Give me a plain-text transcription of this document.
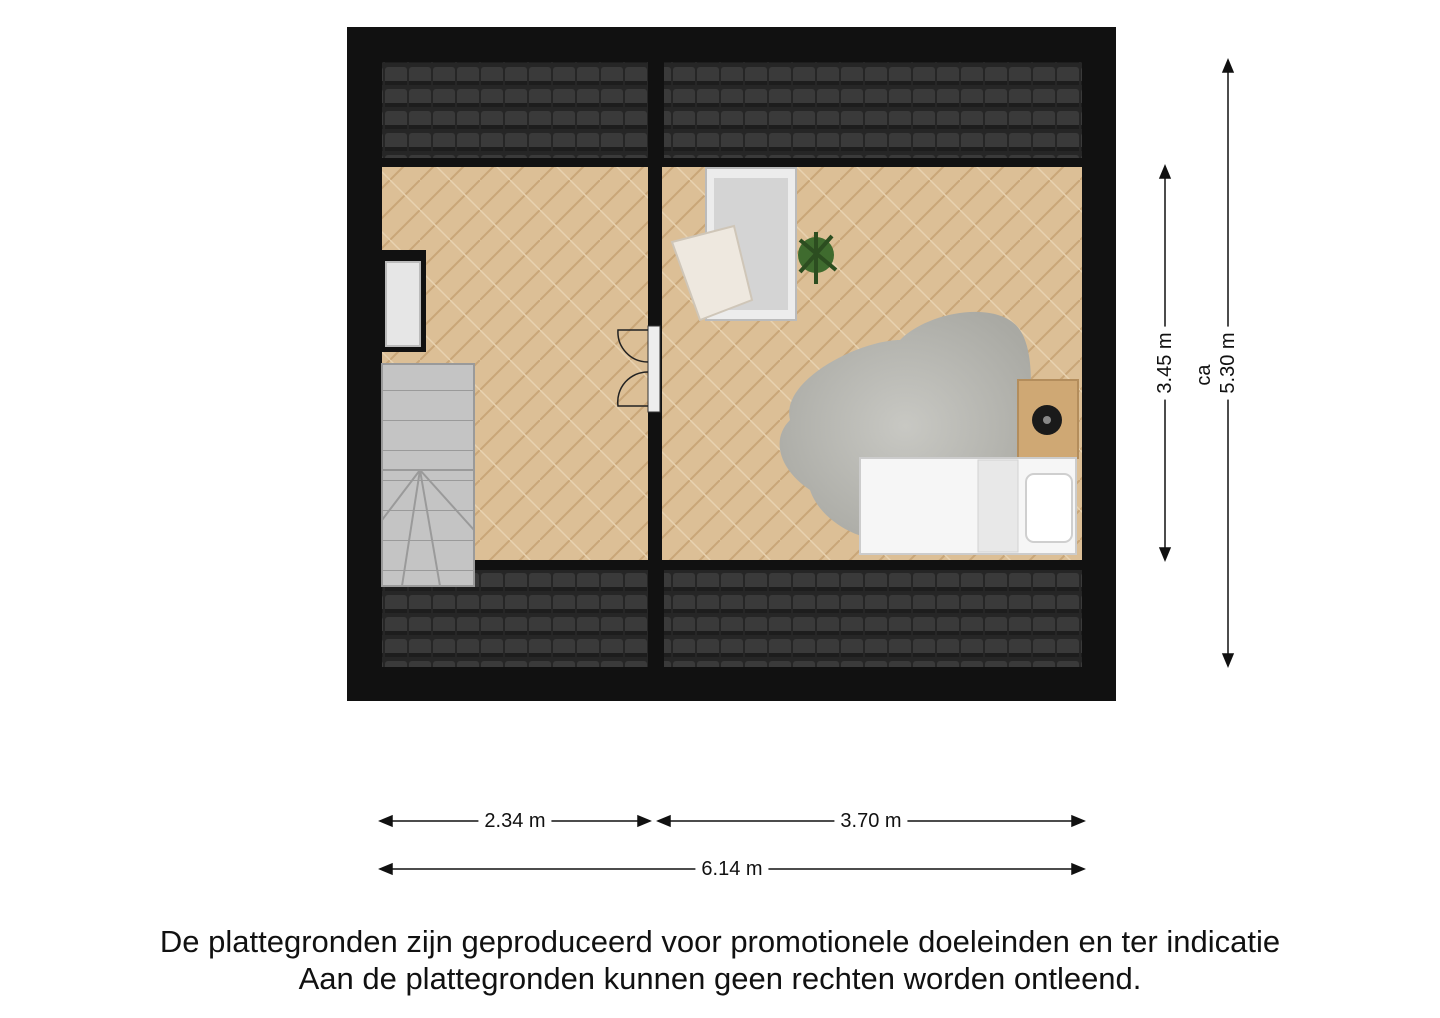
2.34 m	3.70 m
6.14 m
3.45 m ca 5.30 m
De plattegronden zijn geproduceerd voor promotionele doeleinden en ter indicatie
Aan de plattegronden kunnen geen rechten worden ontleend.
